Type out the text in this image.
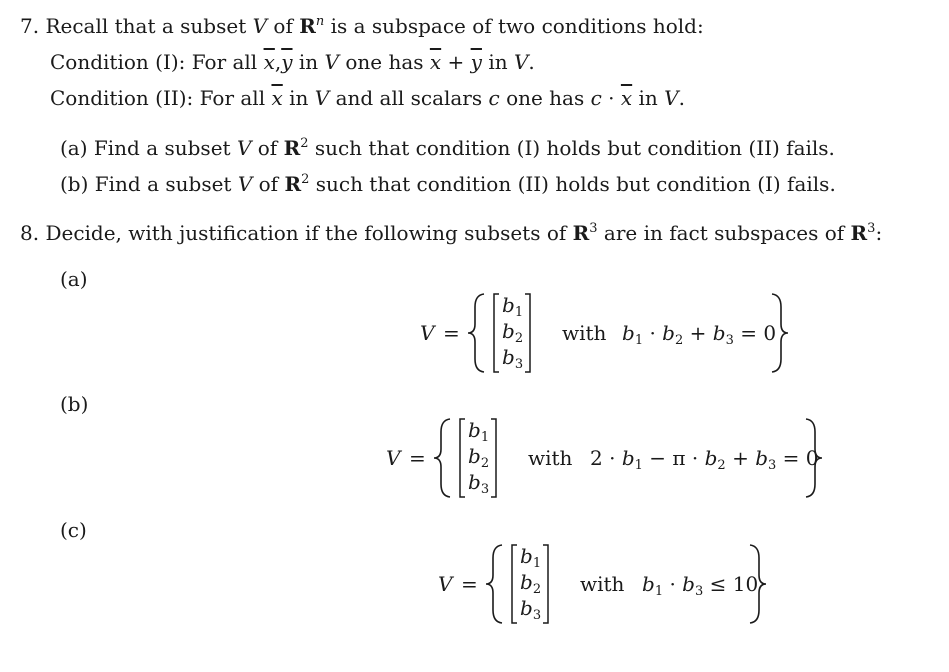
7. Recall that a subset V of $R^n$ is a subspace of two conditions hold:
Condition (I): For all $\overline{x},\overline{y}$ in V one has $\overline{x} + \overline{y}$ in V.
Condition (II): For all $\overline{x}$ in V and all scalars c one has $c \cdot \overline{x}$ in V.
(a) Find a subset V of $R^2$ such that condition (I) holds but condition (II) fails.
(b) Find a subset V of $R^2$ such that condition (II) holds but condition (I) fails.
8. Decide, with justification if the following subsets of $R^3$ are in fact subspaces of $R^3$:
(a)
(b)
(c)
V =
$b_1$
$b_2$
$b_3$
with $b_1 \cdot b_2 + b_3 = 0$
V =
$b_1$
$b_2$
$b_3$
with $2 \cdot b_1 - \pi \cdot b_2 + b_3 = 0$
V =
$b_1$
$b_2$
$b_3$
with $b_1 \cdot b_3 \le 10$
